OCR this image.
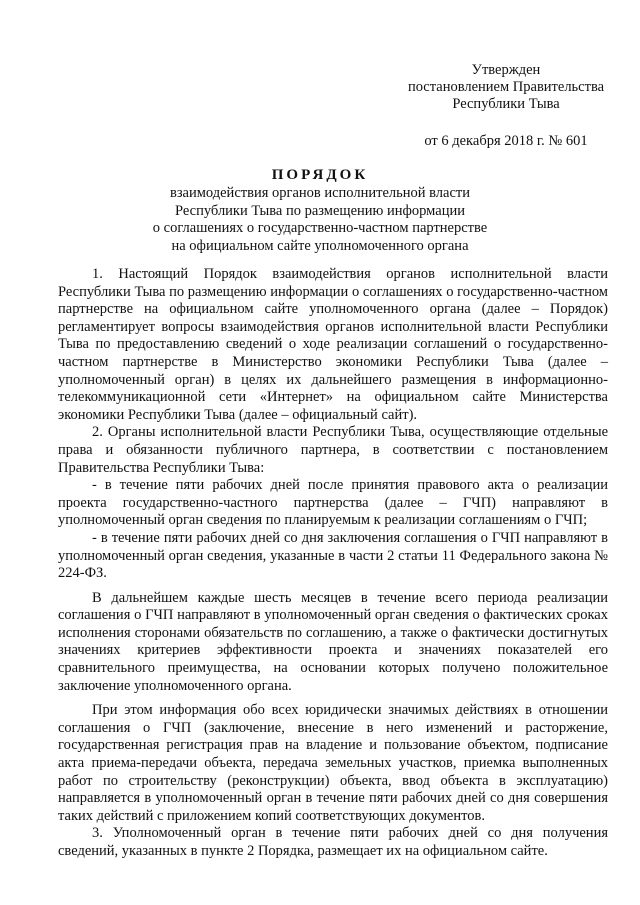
Утвержден
постановлением Правительства
Республики Тыва
от 6 декабря 2018 г. № 601
ПОРЯДОК
взаимодействия органов исполнительной власти
Республики Тыва по размещению информации
о соглашениях о государственно-частном партнерстве
на официальном сайте уполномоченного органа

1. Настоящий Порядок взаимодействия органов исполнительной власти Республики Тыва по размещению информации о соглашениях о государственно-частном партнерстве на официальном сайте уполномоченного органа (далее – Порядок) регламентирует вопросы взаимодействия органов исполнительной власти Республики Тыва по предоставлению сведений о ходе реализации соглашений о государственно-частном партнерстве в Министерство экономики Республики Тыва (далее – уполномоченный орган) в целях их дальнейшего размещения в информационно-телекоммуникационной сети «Интернет» на официальном сайте Министерства экономики Республики Тыва (далее – официальный сайт).

2. Органы исполнительной власти Республики Тыва, осуществляющие отдельные права и обязанности публичного партнера, в соответствии с постановлением Правительства Республики Тыва:

- в течение пяти рабочих дней после принятия правового акта о реализации проекта государственно-частного партнерства (далее – ГЧП) направляют в уполномоченный орган сведения по планируемым к реализации соглашениям о ГЧП;

- в течение пяти рабочих дней со дня заключения соглашения о ГЧП направляют в уполномоченный орган сведения, указанные в части 2 статьи 11 Федерального закона № 224-ФЗ.

В дальнейшем каждые шесть месяцев в течение всего периода реализации соглашения о ГЧП направляют в уполномоченный орган сведения о фактических сроках исполнения сторонами обязательств по соглашению, а также о фактически достигнутых значениях критериев эффективности проекта и значениях показателей его сравнительного преимущества, на основании которых получено положительное заключение уполномоченного органа.

При этом информация обо всех юридически значимых действиях в отношении соглашения о ГЧП (заключение, внесение в него изменений и расторжение, государственная регистрация прав на владение и пользование объектом, подписание акта приема-передачи объекта, передача земельных участков, приемка выполненных работ по строительству (реконструкции) объекта, ввод объекта в эксплуатацию) направляется в уполномоченный орган в течение пяти рабочих дней со дня совершения таких действий с приложением копий соответствующих документов.

3. Уполномоченный орган в течение пяти рабочих дней со дня получения сведений, указанных в пункте 2 Порядка, размещает их на официальном сайте.
